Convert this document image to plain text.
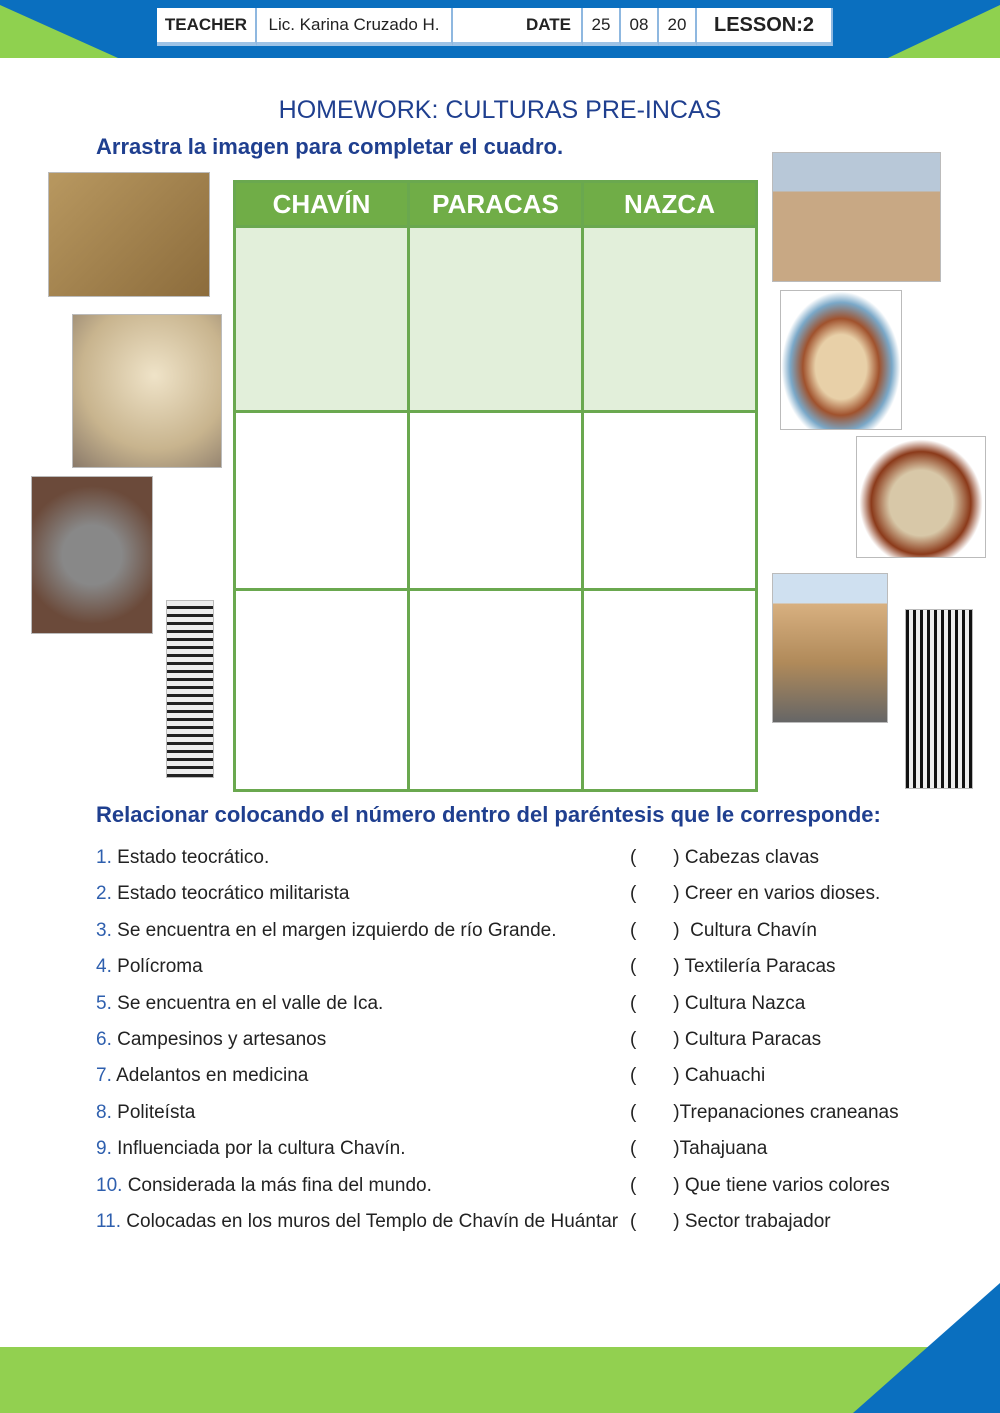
TEACHER	Lic. Karina Cruzado H.	DATE	25	08	20	LESSON:2
HOMEWORK: CULTURAS PRE-INCAS
Arrastra la imagen para completar el cuadro.
CHAVÍN	PARACAS	NAZCA

Relacionar colocando el número dentro del paréntesis que le corresponde:
1. Estado teocrático.	(       ) Cabezas clavas
2. Estado teocrático militarista	(       ) Creer en varios dioses.
3. Se encuentra en el margen izquierdo de río Grande.	(       )  Cultura Chavín
4. Polícroma	(       ) Textilería Paracas
5. Se encuentra en el valle de Ica.	(       ) Cultura Nazca
6. Campesinos y artesanos	(       ) Cultura Paracas
7. Adelantos en medicina	(       ) Cahuachi
8. Politeísta	(       )Trepanaciones craneanas
9. Influenciada por la cultura Chavín.	(       )Tahajuana
10. Considerada la más fina del mundo.	(       ) Que tiene varios colores
11. Colocadas en los muros del Templo de Chavín de Huántar (       ) Sector trabajador
